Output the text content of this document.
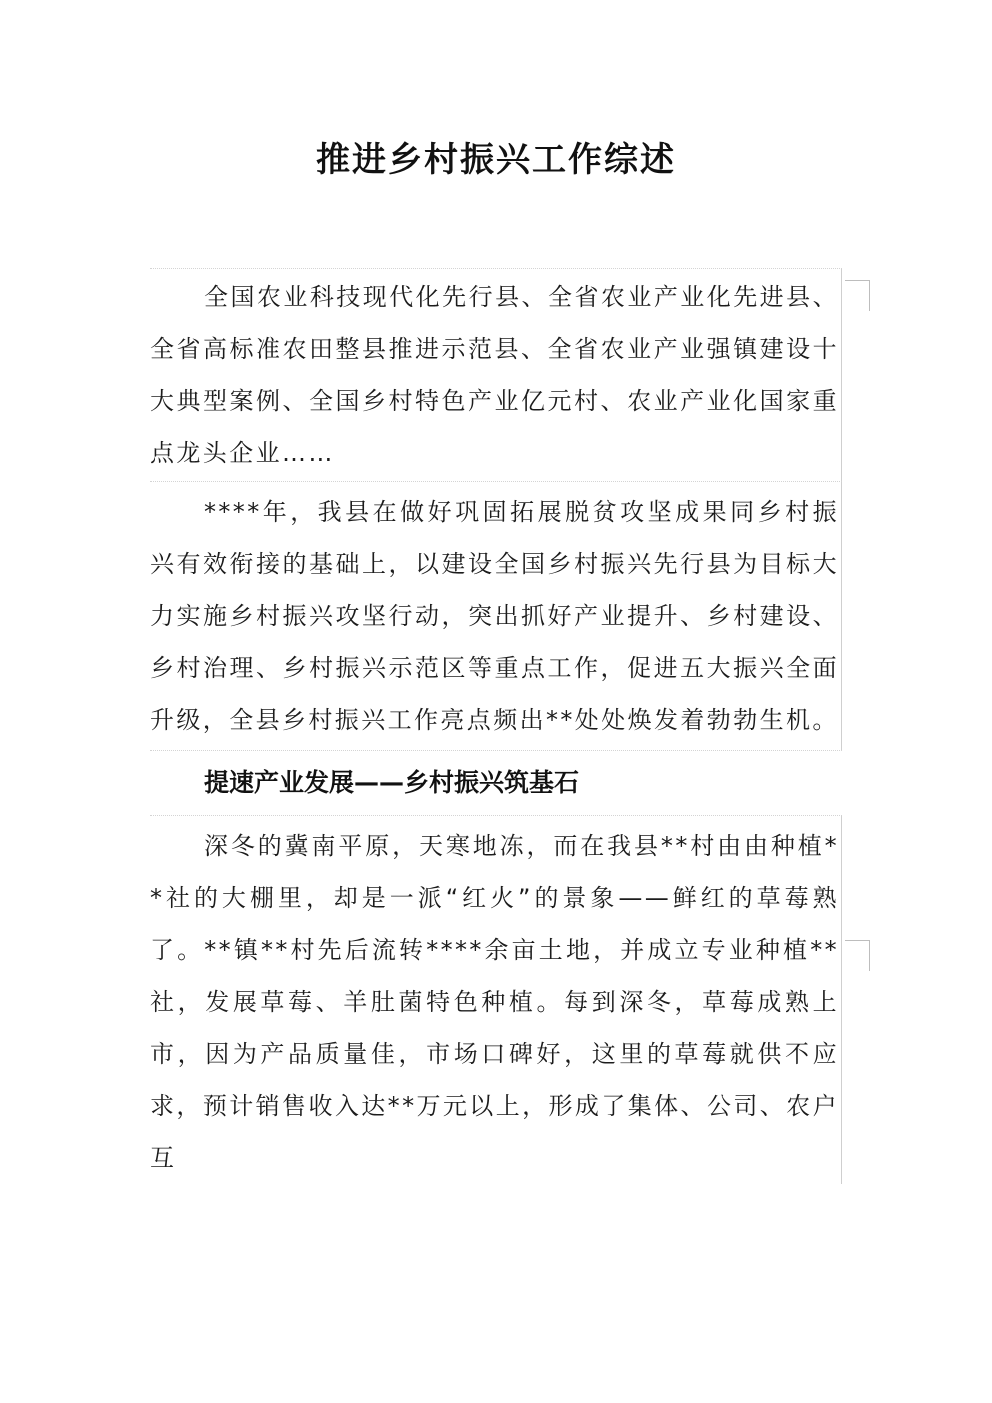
推进乡村振兴工作综述

全国农业科技现代化先行县、全省农业产业化先进县、全省高标准农田整县推进示范县、全省农业产业强镇建设十大典型案例、全国乡村特色产业亿元村、农业产业化国家重点龙头企业……

****年，我县在做好巩固拓展脱贫攻坚成果同乡村振兴有效衔接的基础上，以建设全国乡村振兴先行县为目标大力实施乡村振兴攻坚行动，突出抓好产业提升、乡村建设、乡村治理、乡村振兴示范区等重点工作，促进五大振兴全面升级，全县乡村振兴工作亮点频出**处处焕发着勃勃生机。

提速产业发展——乡村振兴筑基石

深冬的冀南平原，天寒地冻，而在我县**村由由种植**社的大棚里，却是一派“红火”的景象——鲜红的草莓熟了。**镇**村先后流转****余亩土地，并成立专业种植**社，发展草莓、羊肚菌特色种植。每到深冬，草莓成熟上市，因为产品质量佳，市场口碑好，这里的草莓就供不应求，预计销售收入达**万元以上，形成了集体、公司、农户互
